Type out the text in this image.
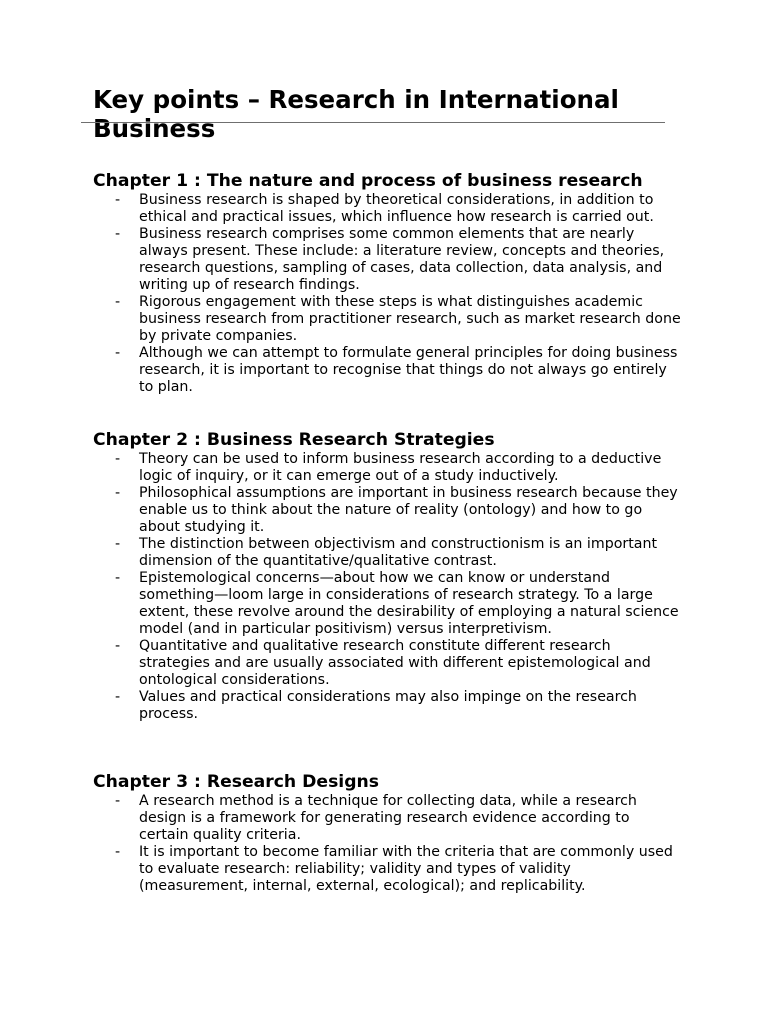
Key points – Research in International Business
Chapter 1 : The nature and process of business research
- Business research is shaped by theoretical considerations, in addition to ethical and practical issues, which influence how research is carried out.
- Business research comprises some common elements that are nearly always present. These include: a literature review, concepts and theories, research questions, sampling of cases, data collection, data analysis, and writing up of research findings.
- Rigorous engagement with these steps is what distinguishes academic business research from practitioner research, such as market research done by private companies.
- Although we can attempt to formulate general principles for doing business research, it is important to recognise that things do not always go entirely to plan.
Chapter 2 : Business Research Strategies
- Theory can be used to inform business research according to a deductive logic of inquiry, or it can emerge out of a study inductively.
- Philosophical assumptions are important in business research because they enable us to think about the nature of reality (ontology) and how to go about studying it.
- The distinction between objectivism and constructionism is an important dimension of the quantitative/qualitative contrast.
- Epistemological concerns—about how we can know or understand something—loom large in considerations of research strategy. To a large extent, these revolve around the desirability of employing a natural science model (and in particular positivism) versus interpretivism.
- Quantitative and qualitative research constitute different research strategies and are usually associated with different epistemological and ontological considerations.
- Values and practical considerations may also impinge on the research process.
Chapter 3 : Research Designs
- A research method is a technique for collecting data, while a research design is a framework for generating research evidence according to certain quality criteria.
- It is important to become familiar with the criteria that are commonly used to evaluate research: reliability; validity and types of validity (measurement, internal, external, ecological); and replicability.
